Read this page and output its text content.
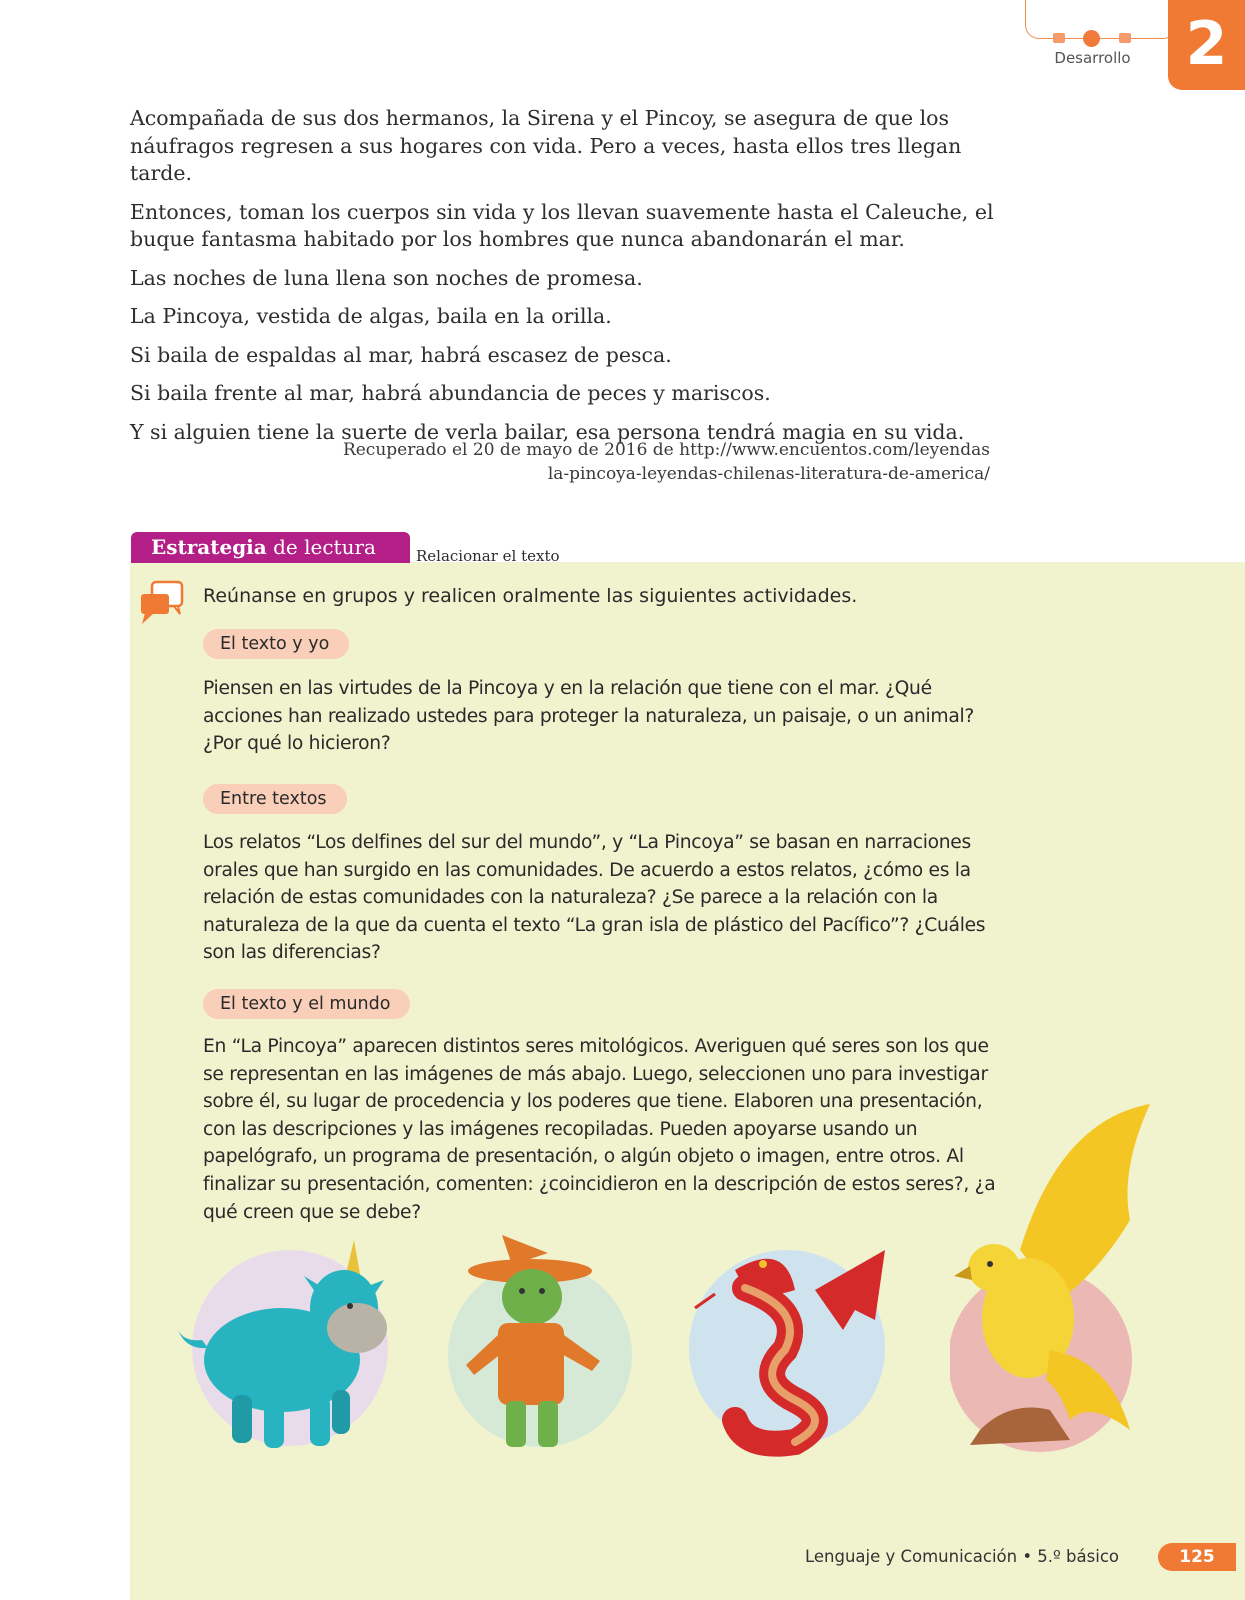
Desarrollo 2

Acompañada de sus dos hermanos, la Sirena y el Pincoy, se asegura de que los náufragos regresen a sus hogares con vida. Pero a veces, hasta ellos tres llegan tarde.

Entonces, toman los cuerpos sin vida y los llevan suavemente hasta el Caleuche, el buque fantasma habitado por los hombres que nunca abandonarán el mar.

Las noches de luna llena son noches de promesa.

La Pincoya, vestida de algas, baila en la orilla.

Si baila de espaldas al mar, habrá escasez de pesca.

Si baila frente al mar, habrá abundancia de peces y mariscos.

Y si alguien tiene la suerte de verla bailar, esa persona tendrá magia en su vida.

Recuperado el 20 de mayo de 2016 de http://www.encuentos.com/leyendas
la-pincoya-leyendas-chilenas-literatura-de-america/
Estrategia de lectura	Relacionar el texto
Reúnanse en grupos y realicen oralmente las siguientes actividades.
El texto y yo
Piensen en las virtudes de la Pincoya y en la relación que tiene con el mar. ¿Qué acciones han realizado ustedes para proteger la naturaleza, un paisaje, o un animal? ¿Por qué lo hicieron?
Entre textos
Los relatos “Los delfines del sur del mundo”, y “La Pincoya” se basan en narraciones orales que han surgido en las comunidades. De acuerdo a estos relatos, ¿cómo es la relación de estas comunidades con la naturaleza? ¿Se parece a la relación con la naturaleza de la que da cuenta el texto “La gran isla de plástico del Pacífico”? ¿Cuáles son las diferencias?
El texto y el mundo
En “La Pincoya” aparecen distintos seres mitológicos. Averiguen qué seres son los que se representan en las imágenes de más abajo. Luego, seleccionen uno para investigar sobre él, su lugar de procedencia y los poderes que tiene. Elaboren una presentación, con las descripciones y las imágenes recopiladas. Pueden apoyarse usando un papelógrafo, un programa de presentación, o algún objeto o imagen, entre otros. Al finalizar su presentación, comenten: ¿coincidieron en la descripción de estos seres?, ¿a qué creen que se debe?
Lenguaje y Comunicación • 5.º básico	125
